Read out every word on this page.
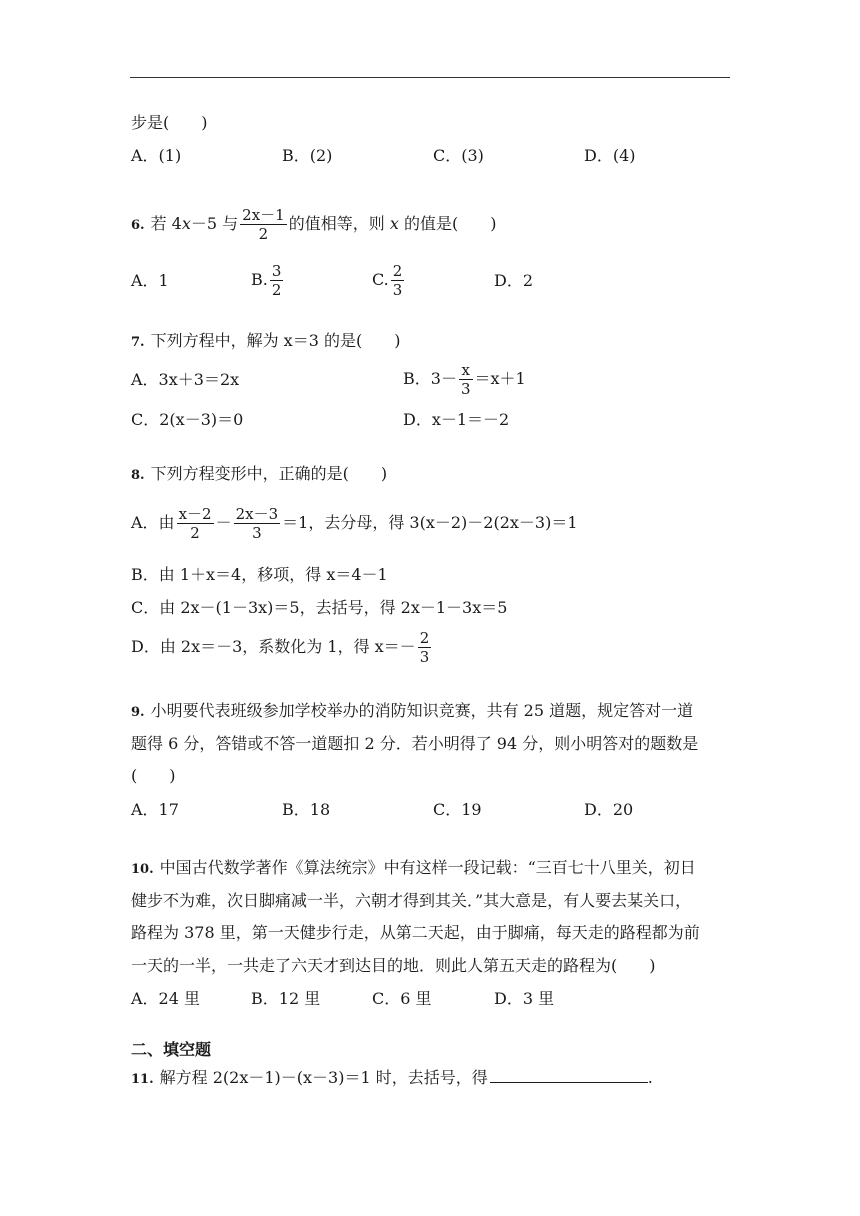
步是(　　)
A．(1)	B．(2)	C．(3)	D．(4)
6. 若 4x－5 与 $\frac{2x-1}{2}$ 的值相等，则 x 的值是(　　)
A．1	B. $\frac{3}{2}$	C. $\frac{2}{3}$	D．2
7. 下列方程中，解为 x＝3 的是(　　)
A．3x＋3＝2x	B．$3- \frac{x}{3} =x+1$
C．2(x－3)＝0	D．x－1＝－2
8. 下列方程变形中，正确的是(　　)
A．由 $\frac{x-2}{2} - \frac{2x-3}{3} =1$，去分母，得 3(x－2)－2(2x－3)＝1
B．由 1＋x＝4，移项，得 x＝4－1
C．由 2x－(1－3x)＝5，去括号，得 2x－1－3x＝5
D．由 2x＝－3，系数化为 1，得 $x=- \frac{2}{3}$
9. 小明要代表班级参加学校举办的消防知识竞赛，共有 25 道题，规定答对一道
题得 6 分，答错或不答一道题扣 2 分．若小明得了 94 分，则小明答对的题数是
(　　)
A．17	B．18	C．19	D．20
10. 中国古代数学著作《算法统宗》中有这样一段记载：“三百七十八里关，初日
健步不为难，次日脚痛减一半，六朝才得到其关．”其大意是，有人要去某关口，
路程为 378 里，第一天健步行走，从第二天起，由于脚痛，每天走的路程都为前
一天的一半，一共走了六天才到达目的地．则此人第五天走的路程为(　　)
A．24 里	B．12 里	C．6 里	D．3 里
二、填空题
11. 解方程 2(2x－1)－(x－3)＝1 时，去括号，得	.
